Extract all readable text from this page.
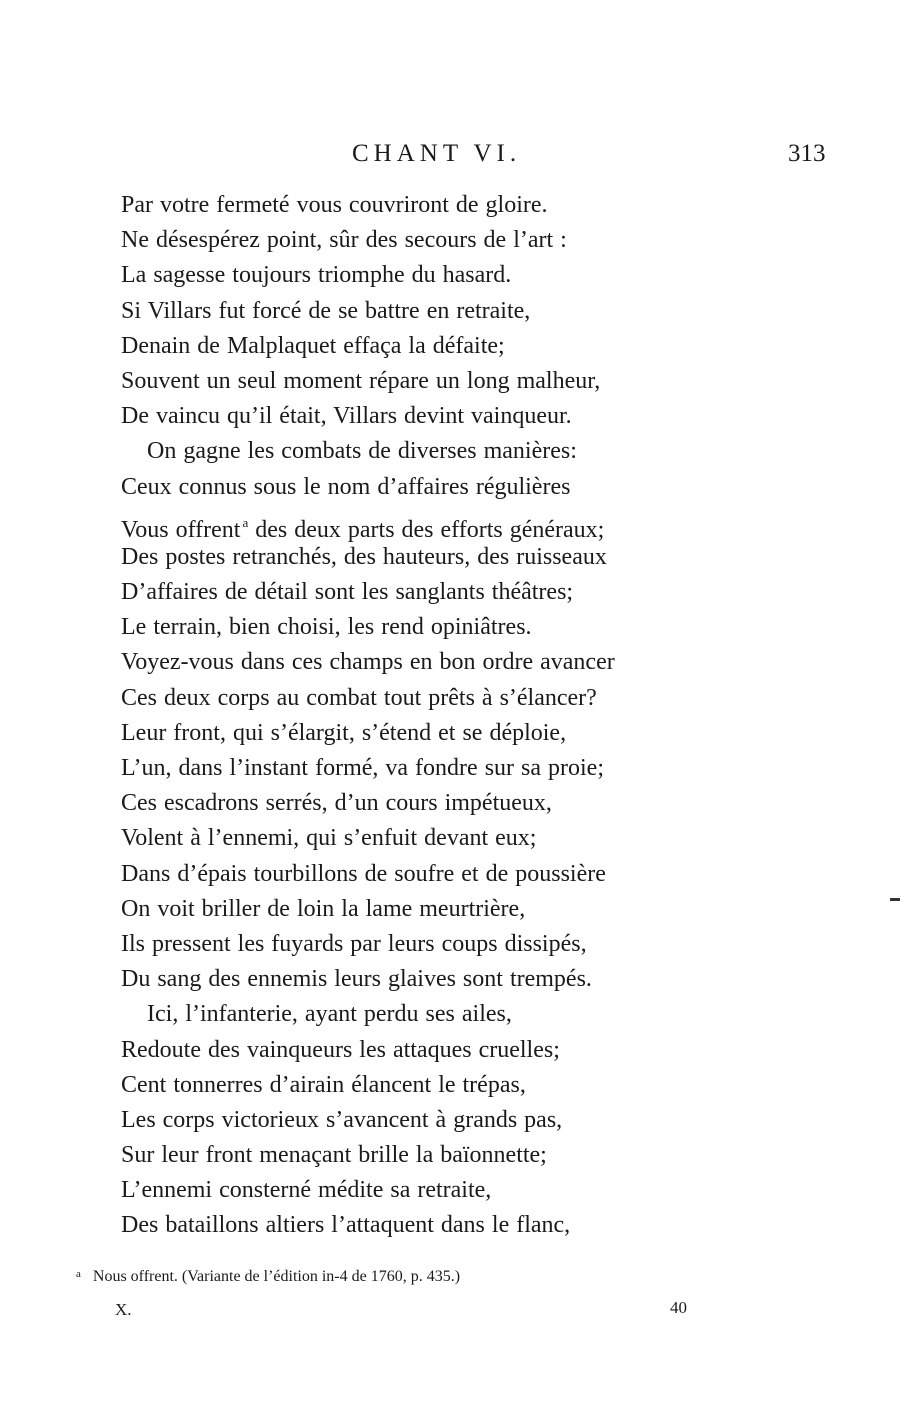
CHANT VI.	313
Par votre fermeté vous couvriront de gloire.
Ne désespérez point, sûr des secours de l’art :
La sagesse toujours triomphe du hasard.
Si Villars fut forcé de se battre en retraite,
Denain de Malplaquet effaça la défaite;
Souvent un seul moment répare un long malheur,
De vaincu qu’il était, Villars devint vainqueur.
On gagne les combats de diverses manières:
Ceux connus sous le nom d’affaires régulières
Vous offrent $^a$ des deux parts des efforts généraux;
Des postes retranchés, des hauteurs, des ruisseaux
D’affaires de détail sont les sanglants théâtres;
Le terrain, bien choisi, les rend opiniâtres.
Voyez-vous dans ces champs en bon ordre avancer
Ces deux corps au combat tout prêts à s’élancer?
Leur front, qui s’élargit, s’étend et se déploie,
L’un, dans l’instant formé, va fondre sur sa proie;
Ces escadrons serrés, d’un cours impétueux,
Volent à l’ennemi, qui s’enfuit devant eux;
Dans d’épais tourbillons de soufre et de poussière
On voit briller de loin la lame meurtrière,
Ils pressent les fuyards par leurs coups dissipés,
Du sang des ennemis leurs glaives sont trempés.
Ici, l’infanterie, ayant perdu ses ailes,
Redoute des vainqueurs les attaques cruelles;
Cent tonnerres d’airain élancent le trépas,
Les corps victorieux s’avancent à grands pas,
Sur leur front menaçant brille la baïonnette;
L’ennemi consterné médite sa retraite,
Des bataillons altiers l’attaquent dans le flanc,
$^a$ Nous offrent. (Variante de l’édition in-4 de 1760, p. 435.)
X.	40
